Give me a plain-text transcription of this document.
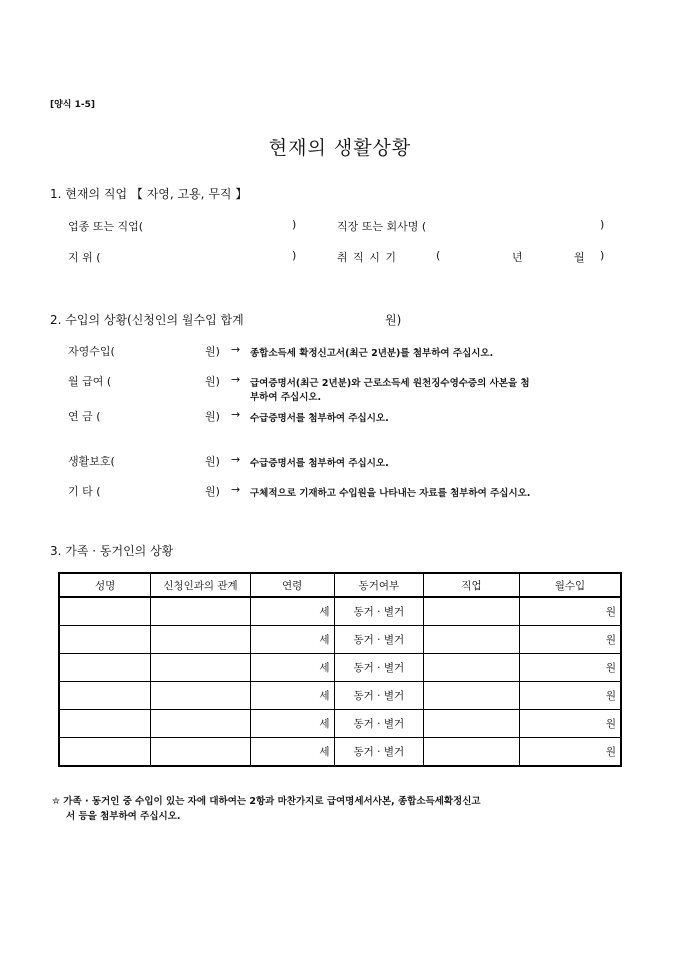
[양식 1-5]
현재의 생활상황
1. 현재의 직업 【 자영, 고용, 무직 】
업종 또는 직업(	)	직장 또는 회사명 (	)
지 위 (	)	취 직 시 기	(	년	월 )
2. 수입의 상황(신청인의 월수입 합계	원)
자영수입(	원) → 종합소득세 확정신고서(최근 2년분)를 첨부하여 주십시오.
월 급여 (	원) → 급여증명서(최근 2년분)와 근로소득세 원천징수영수증의 사본을 첨
부하여 주십시오.
연 금 (	원) → 수급증명서를 첨부하여 주십시오.
생활보호(	원) → 수급증명서를 첨부하여 주십시오.
기 타 (	원) → 구체적으로 기재하고 수입원을 나타내는 자료를 첨부하여 주십시오.
3. 가족 · 동거인의 상황
성명	신청인과의 관계	연령	동거여부	직업	월수입
		세	동거 · 별거		원
		세	동거 · 별거		원
		세	동거 · 별거		원
		세	동거 · 별거		원
		세	동거 · 별거		원
		세	동거 · 별거		원
✮ 가족 · 동거인 중 수입이 있는 자에 대하여는 2항과 마찬가지로 급여명세서사본, 종합소득세확정신고
서 등을 첨부하여 주십시오.
